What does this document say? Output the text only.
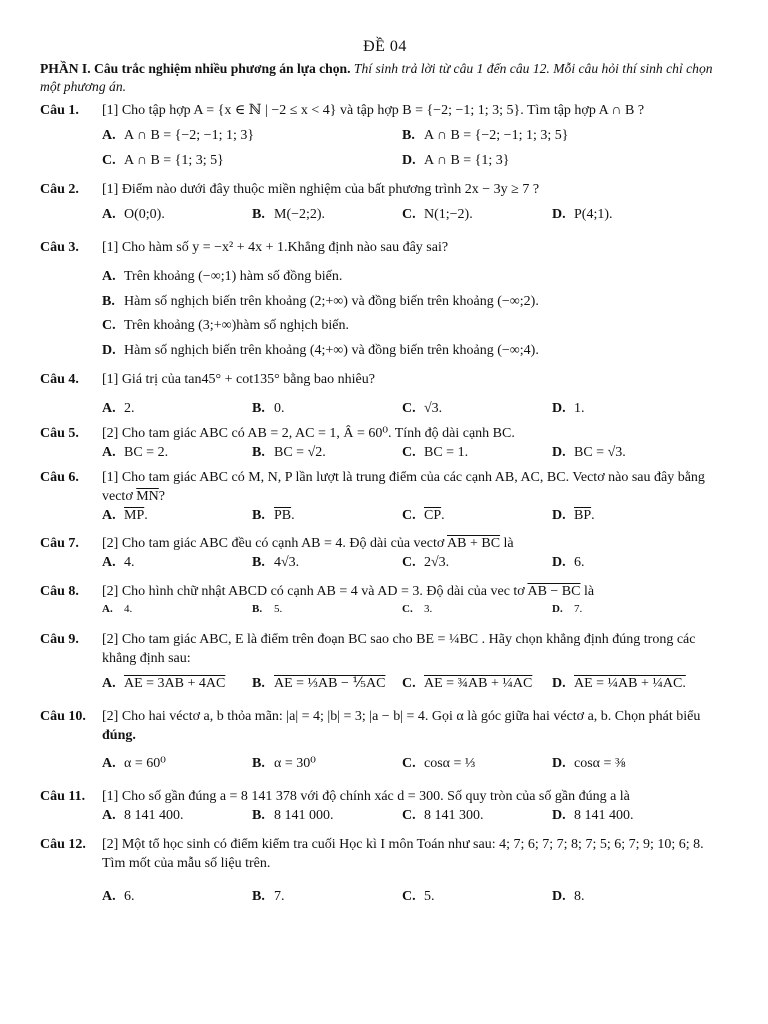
ĐỀ 04
PHẦN I. Câu trắc nghiệm nhiều phương án lựa chọn. Thí sinh trả lời từ câu 1 đến câu 12. Mỗi câu hỏi thí sinh chỉ chọn một phương án.
Câu 1.	[1] Cho tập hợp A = {x ∈ ℕ | −2 ≤ x < 4} và tập hợp B = {−2; −1; 1; 3; 5}. Tìm tập hợp A ∩ B ?
A. A ∩ B = {−2; −1; 1; 3}	B. A ∩ B = {−2; −1; 1; 3; 5}
C. A ∩ B = {1; 3; 5}	D. A ∩ B = {1; 3}
Câu 2.	[1] Điểm nào dưới đây thuộc miền nghiệm của bất phương trình 2x − 3y ≥ 7 ?
A. O(0;0).	B. M(−2;2).	C. N(1;−2).	D. P(4;1).
Câu 3.	[1] Cho hàm số y = −x² + 4x + 1.Khẳng định nào sau đây sai?
A. Trên khoảng (−∞;1) hàm số đồng biến.
B. Hàm số nghịch biến trên khoảng (2;+∞) và đồng biến trên khoảng (−∞;2).
C. Trên khoảng (3;+∞)hàm số nghịch biến.
D. Hàm số nghịch biến trên khoảng (4;+∞) và đồng biến trên khoảng (−∞;4).
Câu 4.	[1] Giá trị của tan45° + cot135° bằng bao nhiêu?
A. 2.	B. 0.	C. √3.	D. 1.
Câu 5.	[2] Cho tam giác ABC có AB = 2, AC = 1, Â = 60⁰. Tính độ dài cạnh BC.
A. BC = 2.	B. BC = √2.	C. BC = 1.	D. BC = √3.
Câu 6.	[1] Cho tam giác ABC có M, N, P lần lượt là trung điểm của các cạnh AB, AC, BC. Vectơ nào sau đây bằng vectơ $\overline{MN}$?
A. $\overline{MP}$ .	B. $\overline{PB}$ .	C. $\overline{CP}$ .	D. $\overline{BP}$ .
Câu 7.	[2] Cho tam giác ABC đều có cạnh AB = 4. Độ dài của vectơ AB + BC là
A. 4.	B. 4√3.	C. 2√3.	D. 6.
Câu 8.	[2] Cho hình chữ nhật ABCD có cạnh AB = 4 và AD = 3. Độ dài của vec tơ AB − BC là
A.	4.	B.	5.	C.	3.	D.	7.
Câu 9.	[2] Cho tam giác ABC, E là điểm trên đoạn BC sao cho BE = ¼BC . Hãy chọn khẳng định đúng trong các khẳng định sau:
A. AE = 3AB + 4AC B. AE = ⅓AB − ⅕AC C. AE = ¾AB + ¼AC D. AE = ¼AB + ¼AC.
Câu 10.	[2] Cho hai véctơ a, b thỏa mãn: |a| = 4; |b| = 3; |a − b| = 4. Gọi α là góc giữa hai véctơ a, b. Chọn phát biểu đúng.
A. α = 60⁰	B. α = 30⁰	C. cosα = ⅓	D. cosα = ⅜
Câu 11.	[1] Cho số gần đúng a = 8 141 378 với độ chính xác d = 300. Số quy tròn của số gần đúng a là
A. 8 141 400.	B. 8 141 000.	C. 8 141 300.	D. 8 141 400.
Câu 12.	[2] Một tổ học sinh có điểm kiểm tra cuối Học kì I môn Toán như sau: 4; 7; 6; 7; 7; 8; 7; 5; 6; 7; 9; 10; 6; 8. Tìm mốt của mẫu số liệu trên.
A. 6.	B. 7.	C. 5.	D. 8.
